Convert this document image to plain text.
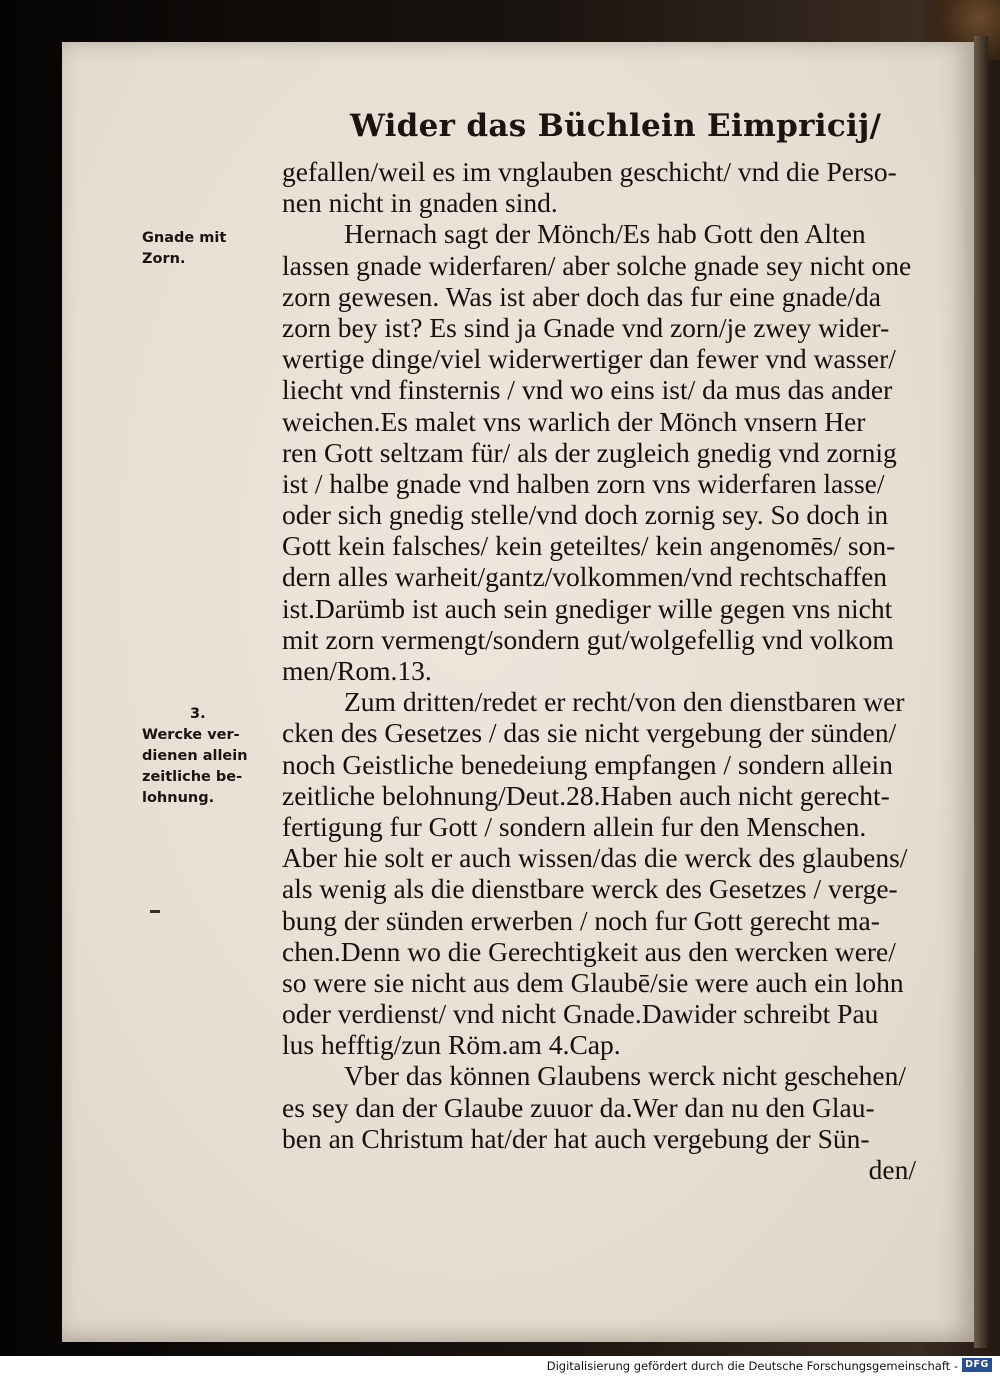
Wider das Büchlein Eimpricij/
Gnade mit
Zorn.
3.
Wercke ver-
dienen allein
zeitliche be-
lohnung.
gefallen/weil es im vnglauben geschicht/ vnd die Perso-
nen nicht in gnaden sind.
Hernach sagt der Mönch/Es hab Gott den Alten
lassen gnade widerfaren/ aber solche gnade sey nicht one
zorn gewesen. Was ist aber doch das fur eine gnade/da
zorn bey ist? Es sind ja Gnade vnd zorn/je zwey wider-
wertige dinge/viel widerwertiger dan fewer vnd wasser/
liecht vnd finsternis / vnd wo eins ist/ da mus das ander
weichen.Es malet vns warlich der Mönch vnsern Her
ren Gott seltzam für/ als der zugleich gnedig vnd zornig
ist / halbe gnade vnd halben zorn vns widerfaren lasse/
oder sich gnedig stelle/vnd doch zornig sey. So doch in
Gott kein falsches/ kein geteiltes/ kein angenomēs/ son-
dern alles warheit/gantz/volkommen/vnd rechtschaffen
ist.Darümb ist auch sein gnediger wille gegen vns nicht
mit zorn vermengt/sondern gut/wolgefellig vnd volkom
men/Rom.13.
Zum dritten/redet er recht/von den dienstbaren wer
cken des Gesetzes / das sie nicht vergebung der sünden/
noch Geistliche benedeiung empfangen / sondern allein
zeitliche belohnung/Deut.28.Haben auch nicht gerecht-
fertigung fur Gott / sondern allein fur den Menschen.
Aber hie solt er auch wissen/das die werck des glaubens/
als wenig als die dienstbare werck des Gesetzes / verge-
bung der sünden erwerben / noch fur Gott gerecht ma-
chen.Denn wo die Gerechtigkeit aus den wercken were/
so were sie nicht aus dem Glaubē/sie were auch ein lohn
oder verdienst/ vnd nicht Gnade.Dawider schreibt Pau
lus hefftig/zun Röm.am 4.Cap.
Vber das können Glaubens werck nicht geschehen/
es sey dan der Glaube zuuor da.Wer dan nu den Glau-
ben an Christum hat/der hat auch vergebung der Sün-
den/
Digitalisierung gefördert durch die Deutsche Forschungsgemeinschaft - DFG
